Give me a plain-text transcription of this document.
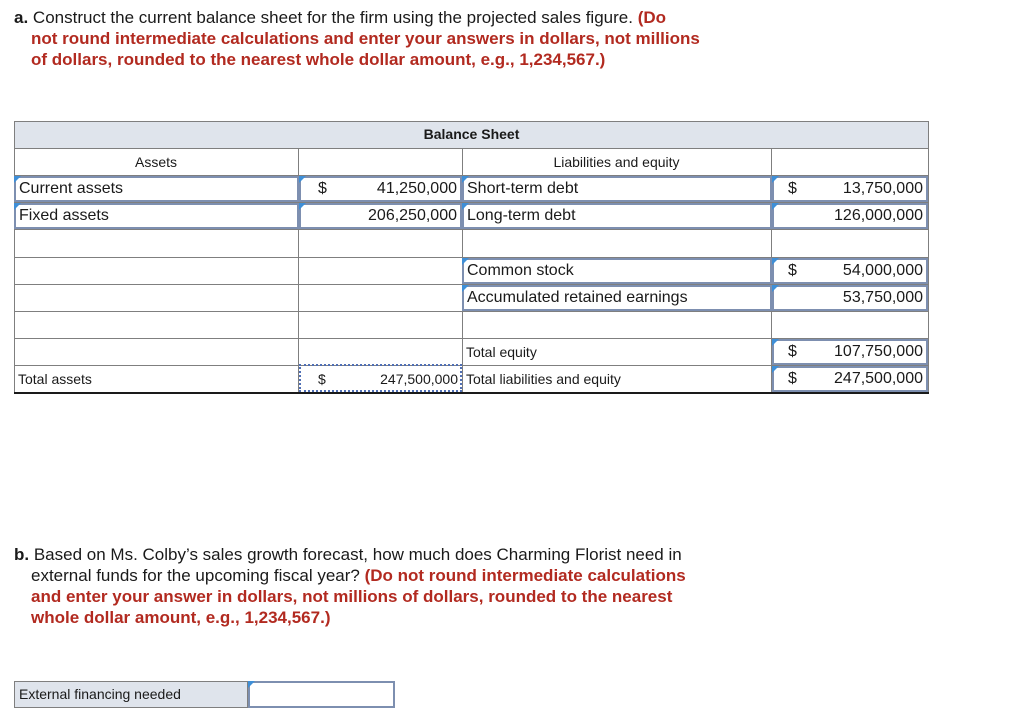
a. Construct the current balance sheet for the firm using the projected sales figure. (Do
not round intermediate calculations and enter your answers in dollars, not millions
of dollars, rounded to the nearest whole dollar amount, e.g., 1,234,567.)
Balance Sheet
Assets	Liabilities and equity
Current assets	$	41,250,000 Short-term debt	$	13,750,000
Fixed assets	206,250,000 Long-term debt	126,000,000
Common stock	$	54,000,000
Accumulated retained earnings	53,750,000
Total equity	$ 107,750,000
Total assets	$	247,500,000 Total liabilities and equity	$ 247,500,000
b. Based on Ms. Colby’s sales growth forecast, how much does Charming Florist need in
external funds for the upcoming fiscal year? (Do not round intermediate calculations
and enter your answer in dollars, not millions of dollars, rounded to the nearest
whole dollar amount, e.g., 1,234,567.)
External financing needed
